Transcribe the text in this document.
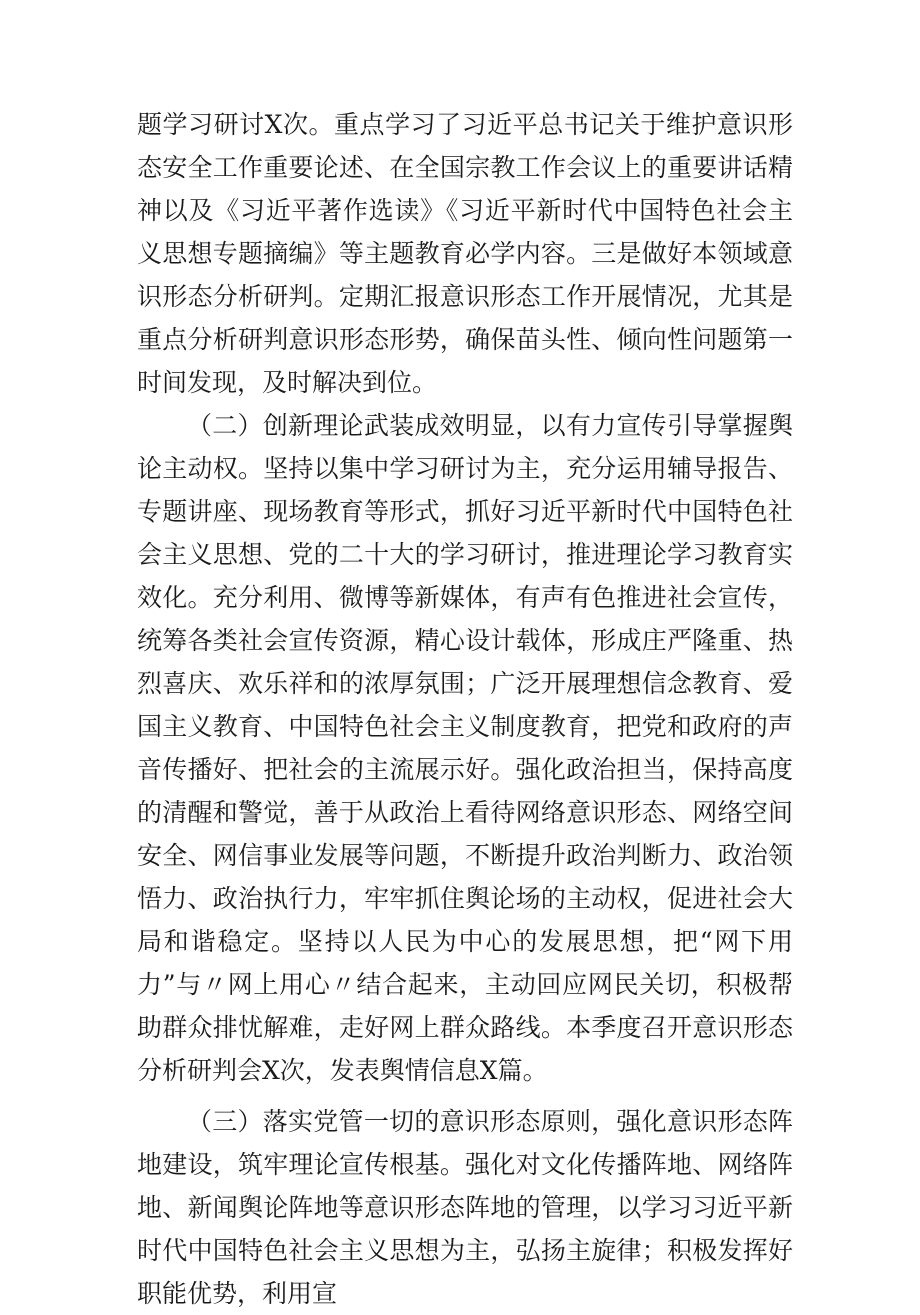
题学习研讨X次。重点学习了习近平总书记关于维护意识形态安全工作重要论述、在全国宗教工作会议上的重要讲话精神以及《习近平著作选读》《习近平新时代中国特色社会主义思想专题摘编》等主题教育必学内容。三是做好本领域意识形态分析研判。定期汇报意识形态工作开展情况，尤其是重点分析研判意识形态形势，确保苗头性、倾向性问题第一时间发现，及时解决到位。

（二）创新理论武装成效明显，以有力宣传引导掌握舆论主动权。坚持以集中学习研讨为主，充分运用辅导报告、专题讲座、现场教育等形式，抓好习近平新时代中国特色社会主义思想、党的二十大的学习研讨，推进理论学习教育实效化。充分利用、微博等新媒体，有声有色推进社会宣传，统筹各类社会宣传资源，精心设计载体，形成庄严隆重、热烈喜庆、欢乐祥和的浓厚氛围；广泛开展理想信念教育、爱国主义教育、中国特色社会主义制度教育，把党和政府的声音传播好、把社会的主流展示好。强化政治担当，保持高度的清醒和警觉，善于从政治上看待网络意识形态、网络空间安全、网信事业发展等问题，不断提升政治判断力、政治领悟力、政治执行力，牢牢抓住舆论场的主动权，促进社会大局和谐稳定。坚持以人民为中心的发展思想，把“网下用力”与〃网上用心〃结合起来，主动回应网民关切，积极帮助群众排忧解难，走好网上群众路线。本季度召开意识形态分析研判会X次，发表舆情信息X篇。

（三）落实党管一切的意识形态原则，强化意识形态阵地建设，筑牢理论宣传根基。强化对文化传播阵地、网络阵地、新闻舆论阵地等意识形态阵地的管理，以学习习近平新时代中国特色社会主义思想为主，弘扬主旋律；积极发挥好职能优势，利用宣
